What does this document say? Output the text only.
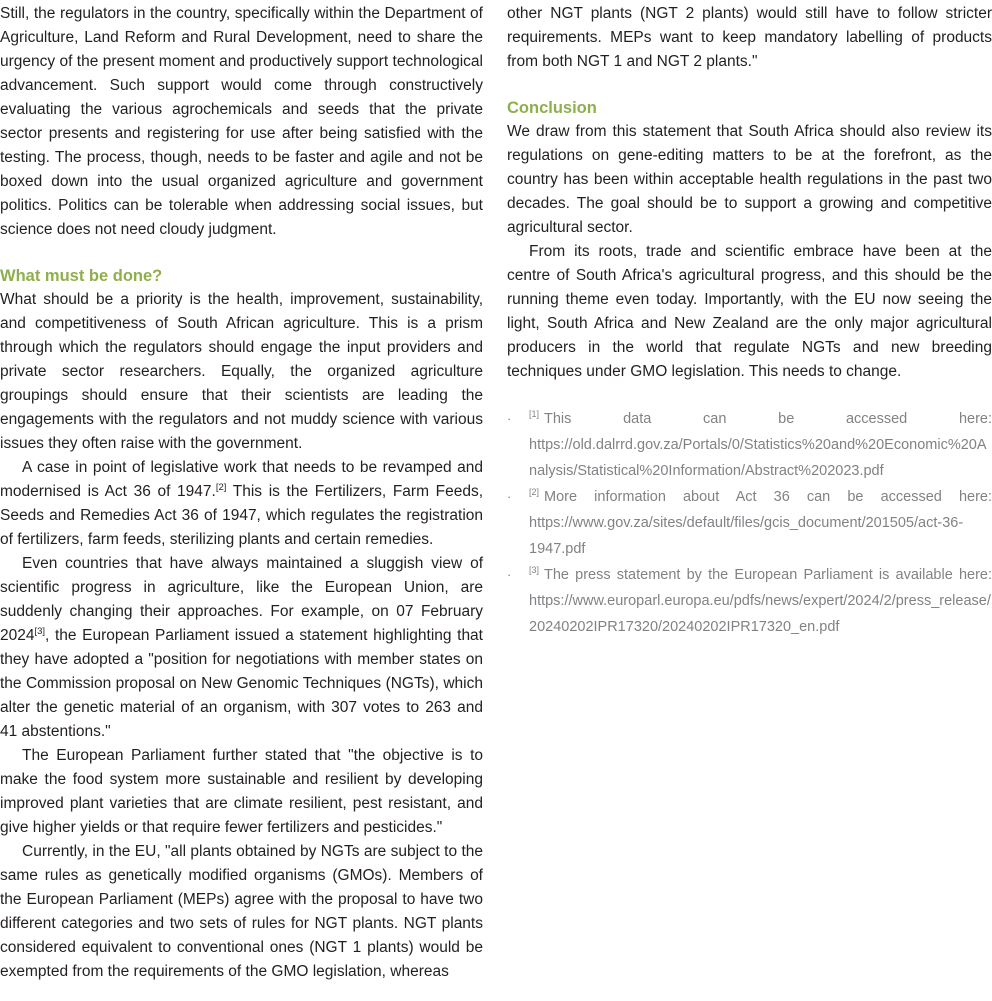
Still, the regulators in the country, specifically within the Department of Agriculture, Land Reform and Rural Development, need to share the urgency of the present moment and productively support technological advancement. Such support would come through constructively evaluating the various agrochemicals and seeds that the private sector presents and registering for use after being satisfied with the testing. The process, though, needs to be faster and agile and not be boxed down into the usual organized agriculture and government politics. Politics can be tolerable when addressing social issues, but science does not need cloudy judgment.

What must be done?

What should be a priority is the health, improvement, sustainability, and competitiveness of South African agriculture. This is a prism through which the regulators should engage the input providers and private sector researchers. Equally, the organized agriculture groupings should ensure that their scientists are leading the engagements with the regulators and not muddy science with various issues they often raise with the government.

A case in point of legislative work that needs to be revamped and modernised is Act 36 of 1947.[2] This is the Fertilizers, Farm Feeds, Seeds and Remedies Act 36 of 1947, which regulates the registration of fertilizers, farm feeds, sterilizing plants and certain remedies.

Even countries that have always maintained a sluggish view of scientific progress in agriculture, like the European Union, are suddenly changing their approaches. For example, on 07 February 2024[3], the European Parliament issued a statement highlighting that they have adopted a "position for negotiations with member states on the Commission proposal on New Genomic Techniques (NGTs), which alter the genetic material of an organism, with 307 votes to 263 and 41 abstentions."

The European Parliament further stated that "the objective is to make the food system more sustainable and resilient by developing improved plant varieties that are climate resilient, pest resistant, and give higher yields or that require fewer fertilizers and pesticides."

Currently, in the EU, "all plants obtained by NGTs are subject to the same rules as genetically modified organisms (GMOs). Members of the European Parliament (MEPs) agree with the proposal to have two different categories and two sets of rules for NGT plants. NGT plants considered equivalent to conventional ones (NGT 1 plants) would be exempted from the requirements of the GMO legislation, whereas

other NGT plants (NGT 2 plants) would still have to follow stricter requirements. MEPs want to keep mandatory labelling of products from both NGT 1 and NGT 2 plants."

Conclusion

We draw from this statement that South Africa should also review its regulations on gene-editing matters to be at the forefront, as the country has been within acceptable health regulations in the past two decades. The goal should be to support a growing and competitive agricultural sector.

From its roots, trade and scientific embrace have been at the centre of South Africa's agricultural progress, and this should be the running theme even today. Importantly, with the EU now seeing the light, South Africa and New Zealand are the only major agricultural producers in the world that regulate NGTs and new breeding techniques under GMO legislation. This needs to change.

·	[1] This data can be accessed here: https://old.dalrrd.gov.za/Portals/0/Statistics%20and%20Economic%20Analysis/Statistical%20Information/Abstract%202023.pdf
·	[2] More information about Act 36 can be accessed here: https://www.gov.za/sites/default/files/gcis_document/201505/act-36-1947.pdf
·	[3] The press statement by the European Parliament is available here: https://www.europarl.europa.eu/pdfs/news/expert/2024/2/press_release/20240202IPR17320/20240202IPR17320_en.pdf
